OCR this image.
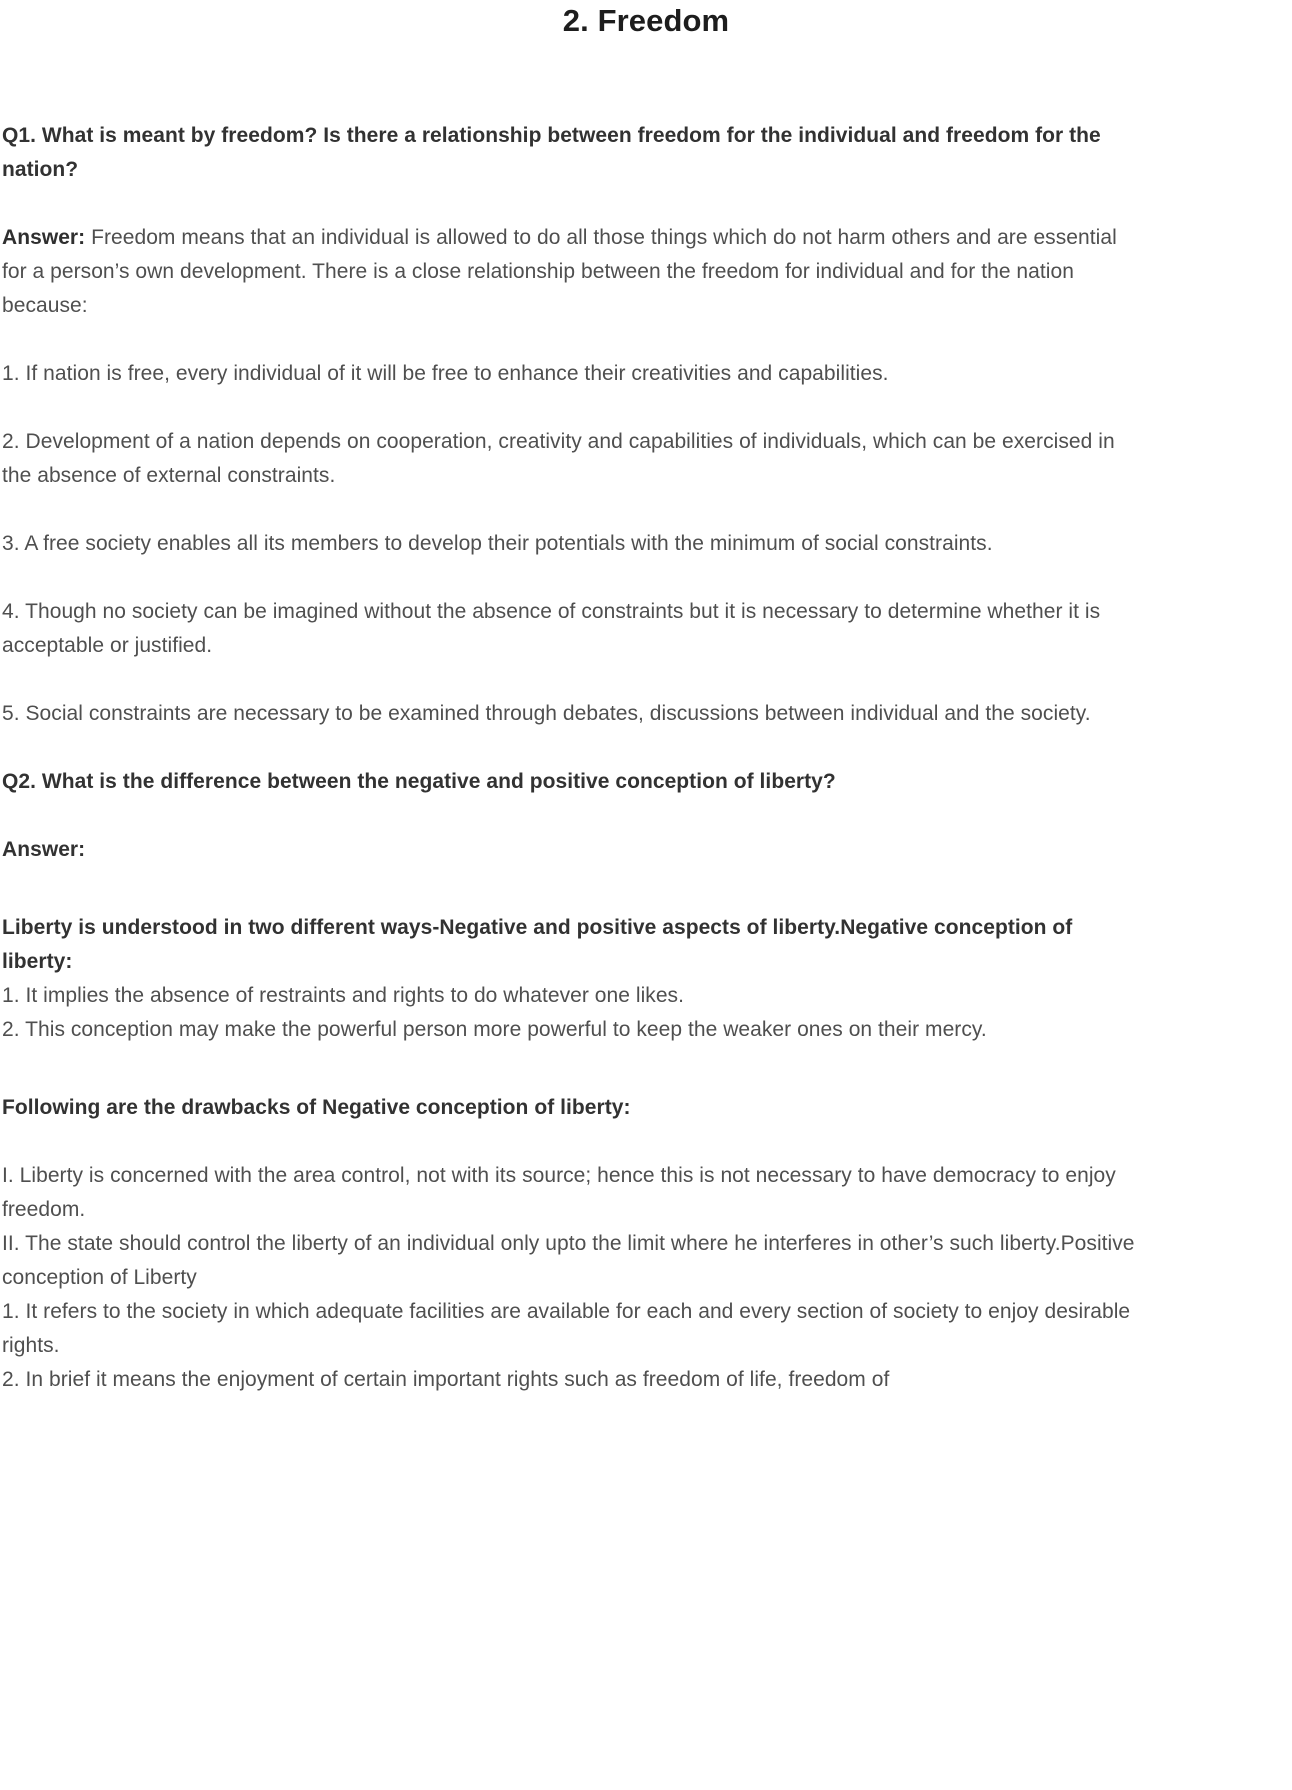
2. Freedom

Q1. What is meant by freedom? Is there a relationship between freedom for the individual and freedom for the nation?

Answer: Freedom means that an individual is allowed to do all those things which do not harm others and are essential for a person’s own development. There is a close relationship between the freedom for individual and for the nation because:

1. If nation is free, every individual of it will be free to enhance their creativities and capabilities.

2. Development of a nation depends on cooperation, creativity and capabilities of individuals, which can be exercised in the absence of external constraints.

3. A free society enables all its members to develop their potentials with the minimum of social constraints.

4. Though no society can be imagined without the absence of constraints but it is necessary to determine whether it is acceptable or justified.

5. Social constraints are necessary to be examined through debates, discussions between individual and the society.

Q2. What is the difference between the negative and positive conception of liberty?

Answer:

Liberty is understood in two different ways-Negative and positive aspects of liberty.Negative conception of liberty:

1. It implies the absence of restraints and rights to do whatever one likes.

2. This conception may make the powerful person more powerful to keep the weaker ones on their mercy.

Following are the drawbacks of Negative conception of liberty:

I. Liberty is concerned with the area control, not with its source; hence this is not necessary to have democracy to enjoy freedom.

II. The state should control the liberty of an individual only upto the limit where he interferes in other’s such liberty.Positive conception of Liberty

1. It refers to the society in which adequate facilities are available for each and every section of society to enjoy desirable rights.

2. In brief it means the enjoyment of certain important rights such as freedom of life, freedom of
